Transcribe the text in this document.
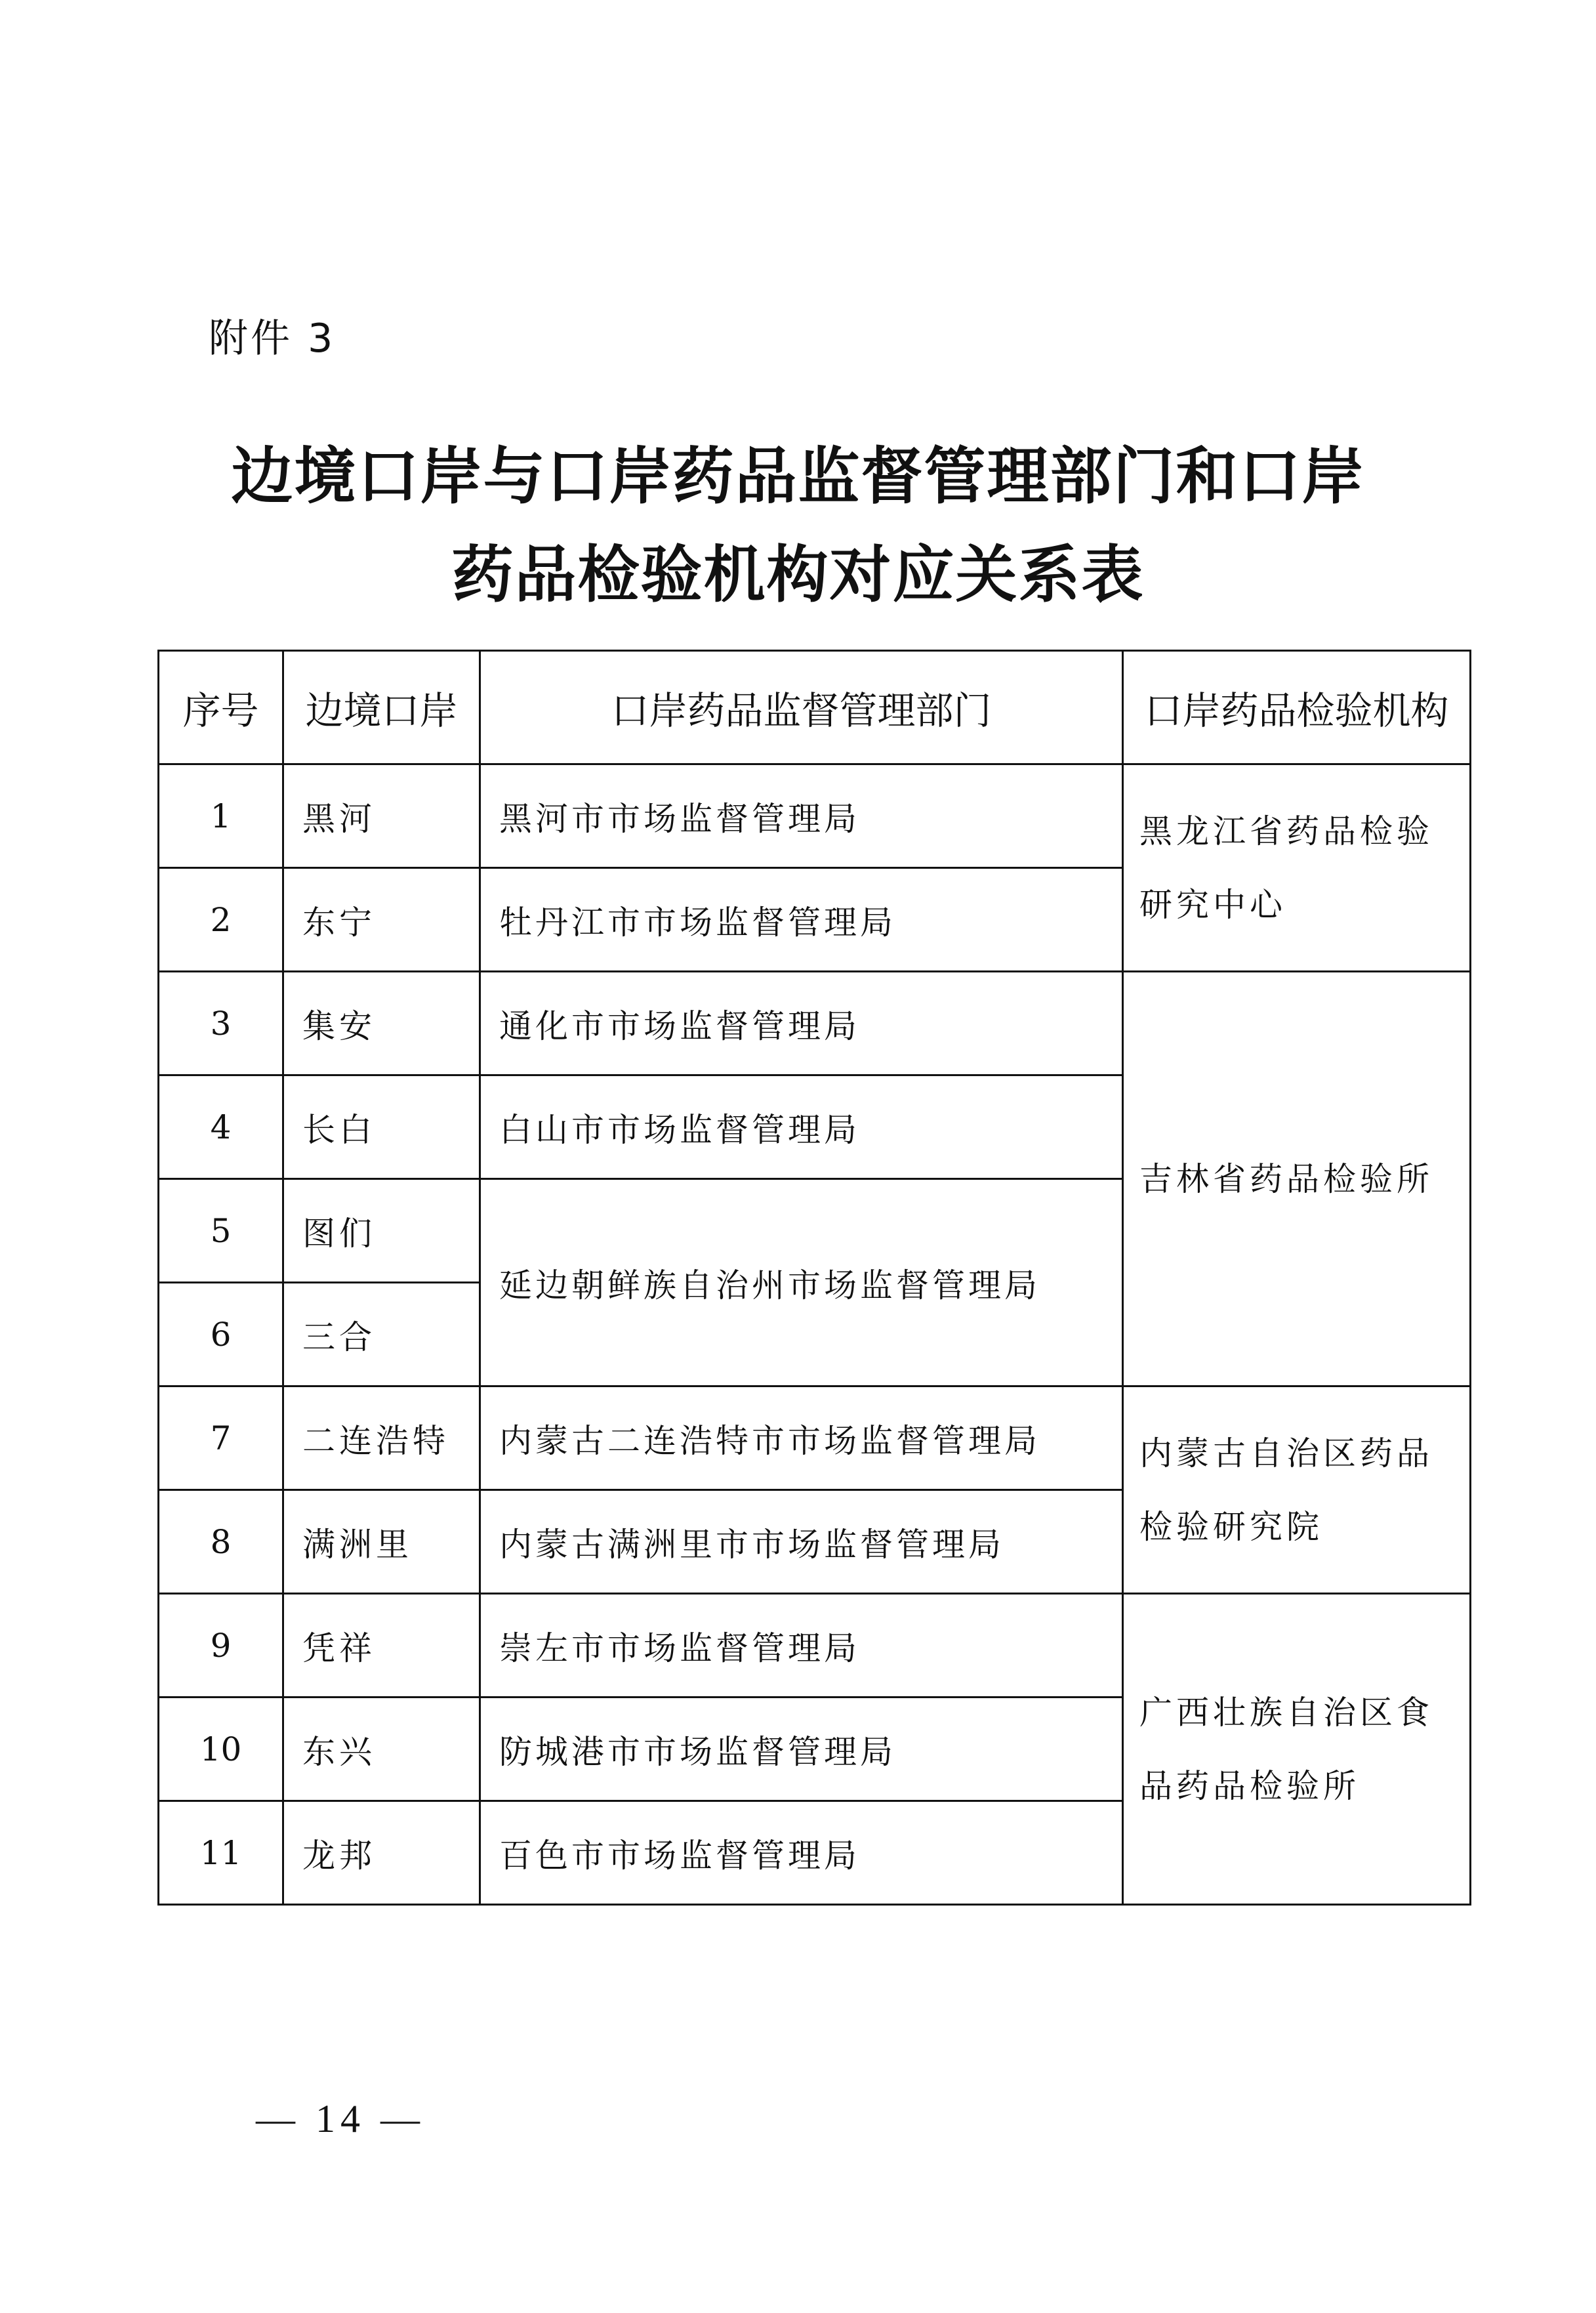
附件 3
边境口岸与口岸药品监督管理部门和口岸
药品检验机构对应关系表
序号	边境口岸	口岸药品监督管理部门	口岸药品检验机构
1	黑河	黑河市市场监督管理局	黑龙江省药品检验研究中心
2	东宁	牡丹江市市场监督管理局	
3	集安	通化市市场监督管理局	吉林省药品检验所
4	长白	白山市市场监督管理局	
5	图们	延边朝鲜族自治州市场监督管理局	
6	三合		
7	二连浩特	内蒙古二连浩特市市场监督管理局	内蒙古自治区药品检验研究院
8	满洲里	内蒙古满洲里市市场监督管理局	
9	凭祥	崇左市市场监督管理局	广西壮族自治区食品药品检验所
10	东兴	防城港市市场监督管理局	
11	龙邦	百色市市场监督管理局	
— 14 —
